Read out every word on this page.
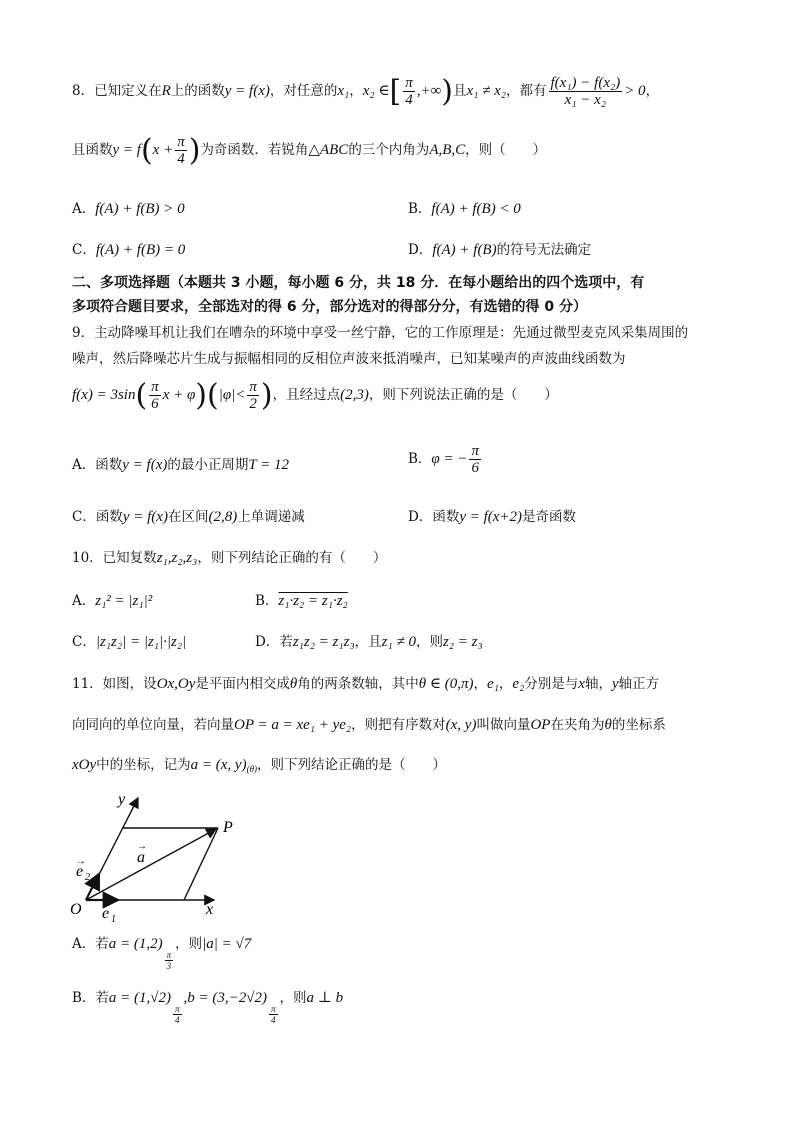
8．已知定义在R上的函数y = f(x)，对任意的x₁，x₂ ∈[ $\frac{\pi}{4}$ ,+∞)且x₁ ≠ x₂，都有 $\frac{\text{f(x₁) − f(x₂)}}{\text{x₁ − x₂}} > 0$，
且函数$y = f(x + \frac{\pi}{4}$ )为奇函数．若锐角△ABC的三个内角为A,B,C，则（　　）
A．f(A) + f(B) > 0	B．f(A) + f(B) < 0
C．f(A) + f(B) = 0	D．f(A) + f(B)的符号无法确定
二、多项选择题（本题共 3 小题，每小题 6 分，共 18 分．在每小题给出的四个选项中，有
多项符合题目要求，全部选对的得 6 分，部分选对的得部分分，有选错的得 0 分）
9．主动降噪耳机让我们在嘈杂的环境中享受一丝宁静，它的工作原理是：先通过微型麦克风采集周围的
噪声，然后降噪芯片生成与振幅相同的反相位声波来抵消噪声，已知某噪声的声波曲线函数为
$f(x) = 3\sin( \frac{\pi}{6}$ $x + \varphi)(|\varphi|< \frac{\pi}{2}$ )，且经过点(2,3)，则下列说法正确的是（　　）
A．函数y = f(x)的最小正周期T = 12	B．φ = − $\frac{\pi}{6}$
C．函数y = f(x)在区间(2,8)上单调递减	D．函数y = f(x+2)是奇函数
10．已知复数z₁,z₂,z₃，则下列结论正确的有（　　）
A．z₁² = |z₁|²	B．z₁·z₂ = z₁·z₂
C．|z₁z₂| = |z₁|·|z₂|	D．若z₁z₂ = z₁z₃，且z₁ ≠ 0，则z₂ = z₃
11．如图，设Ox,Oy是平面内相交成θ角的两条数轴，其中θ ∈ (0,π)，e₁，e₂分别是与x轴，y轴正方
向同向的单位向量，若向量OP = a = xe₁ + ye₂，则把有序数对(x, y)叫做向量OP在夹角为θ的坐标系
xOy中的坐标，记为a = (x, $y)_{(\theta)}$，则下列结论正确的是（　　）
y
P
a
→
e 2
→
O e 1
→	x
A．若a = (1,2)
$\frac{\pi}{3}$
，则|a| = √7
B．若a = (1,√2)
$\frac{\pi}{4}$
,b = (3,−2√2)
$\frac{\pi}{4}$
，则a ⊥ b
